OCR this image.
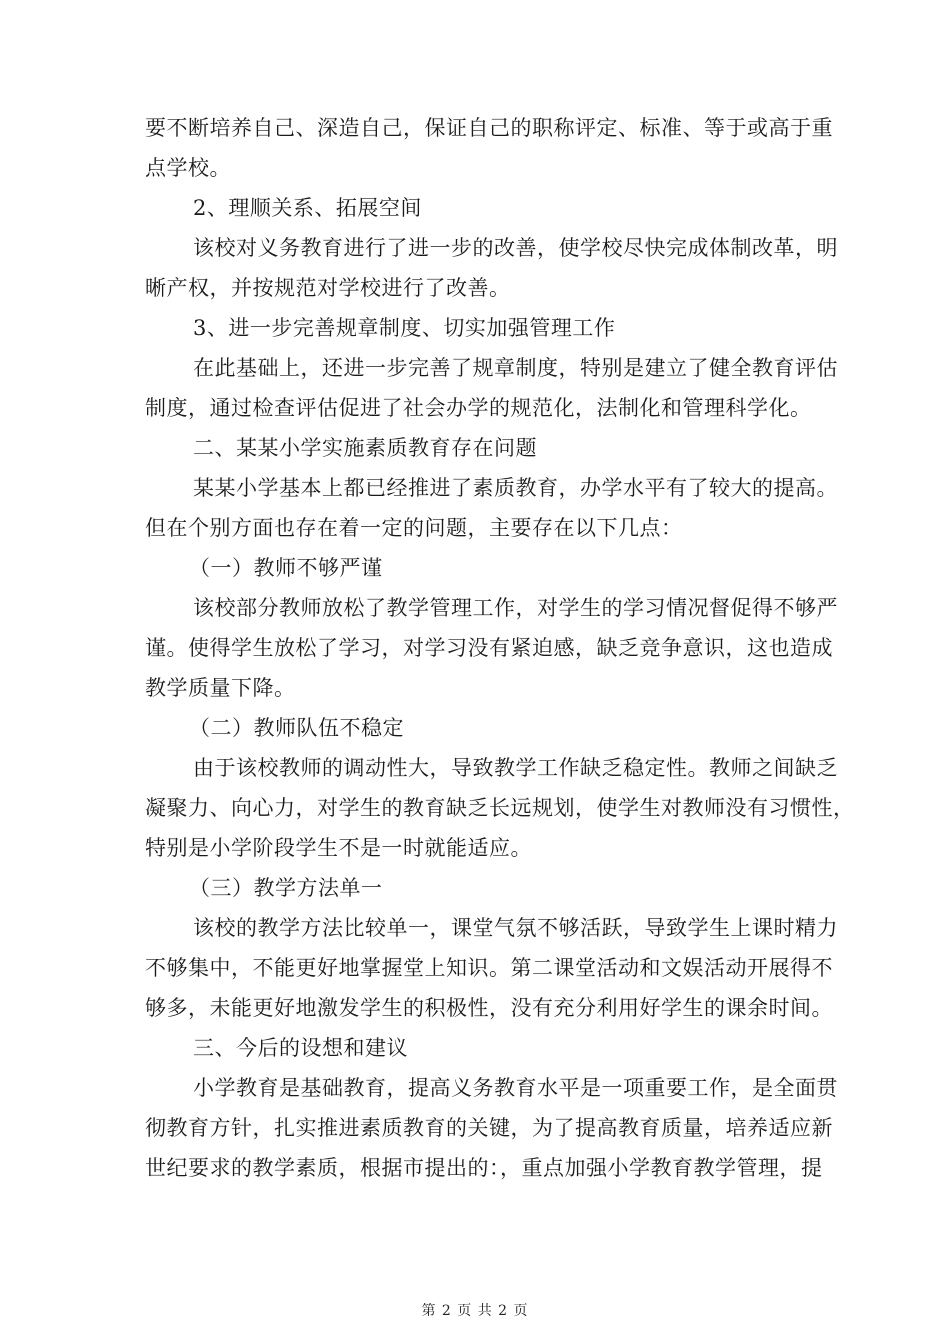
要不断培养自己、深造自己，保证自己的职称评定、标准、等于或高于重
点学校。
2、理顺关系、拓展空间
该校对义务教育进行了进一步的改善，使学校尽快完成体制改革，明
晰产权，并按规范对学校进行了改善。
3、进一步完善规章制度、切实加强管理工作
在此基础上，还进一步完善了规章制度，特别是建立了健全教育评估
制度，通过检查评估促进了社会办学的规范化，法制化和管理科学化。
二、某某小学实施素质教育存在问题
某某小学基本上都已经推进了素质教育，办学水平有了较大的提高。
但在个别方面也存在着一定的问题，主要存在以下几点：
（一）教师不够严谨
该校部分教师放松了教学管理工作，对学生的学习情况督促得不够严
谨。使得学生放松了学习，对学习没有紧迫感，缺乏竞争意识，这也造成
教学质量下降。
（二）教师队伍不稳定
由于该校教师的调动性大，导致教学工作缺乏稳定性。教师之间缺乏
凝聚力、向心力，对学生的教育缺乏长远规划，使学生对教师没有习惯性，
特别是小学阶段学生不是一时就能适应。
（三）教学方法单一
该校的教学方法比较单一，课堂气氛不够活跃，导致学生上课时精力
不够集中，不能更好地掌握堂上知识。第二课堂活动和文娱活动开展得不
够多，未能更好地激发学生的积极性，没有充分利用好学生的课余时间。
三、今后的设想和建议
小学教育是基础教育，提高义务教育水平是一项重要工作，是全面贯
彻教育方针，扎实推进素质教育的关键，为了提高教育质量，培养适应新
世纪要求的教学素质，根据市提出的：，重点加强小学教育教学管理，提
第 2 页 共 2 页
